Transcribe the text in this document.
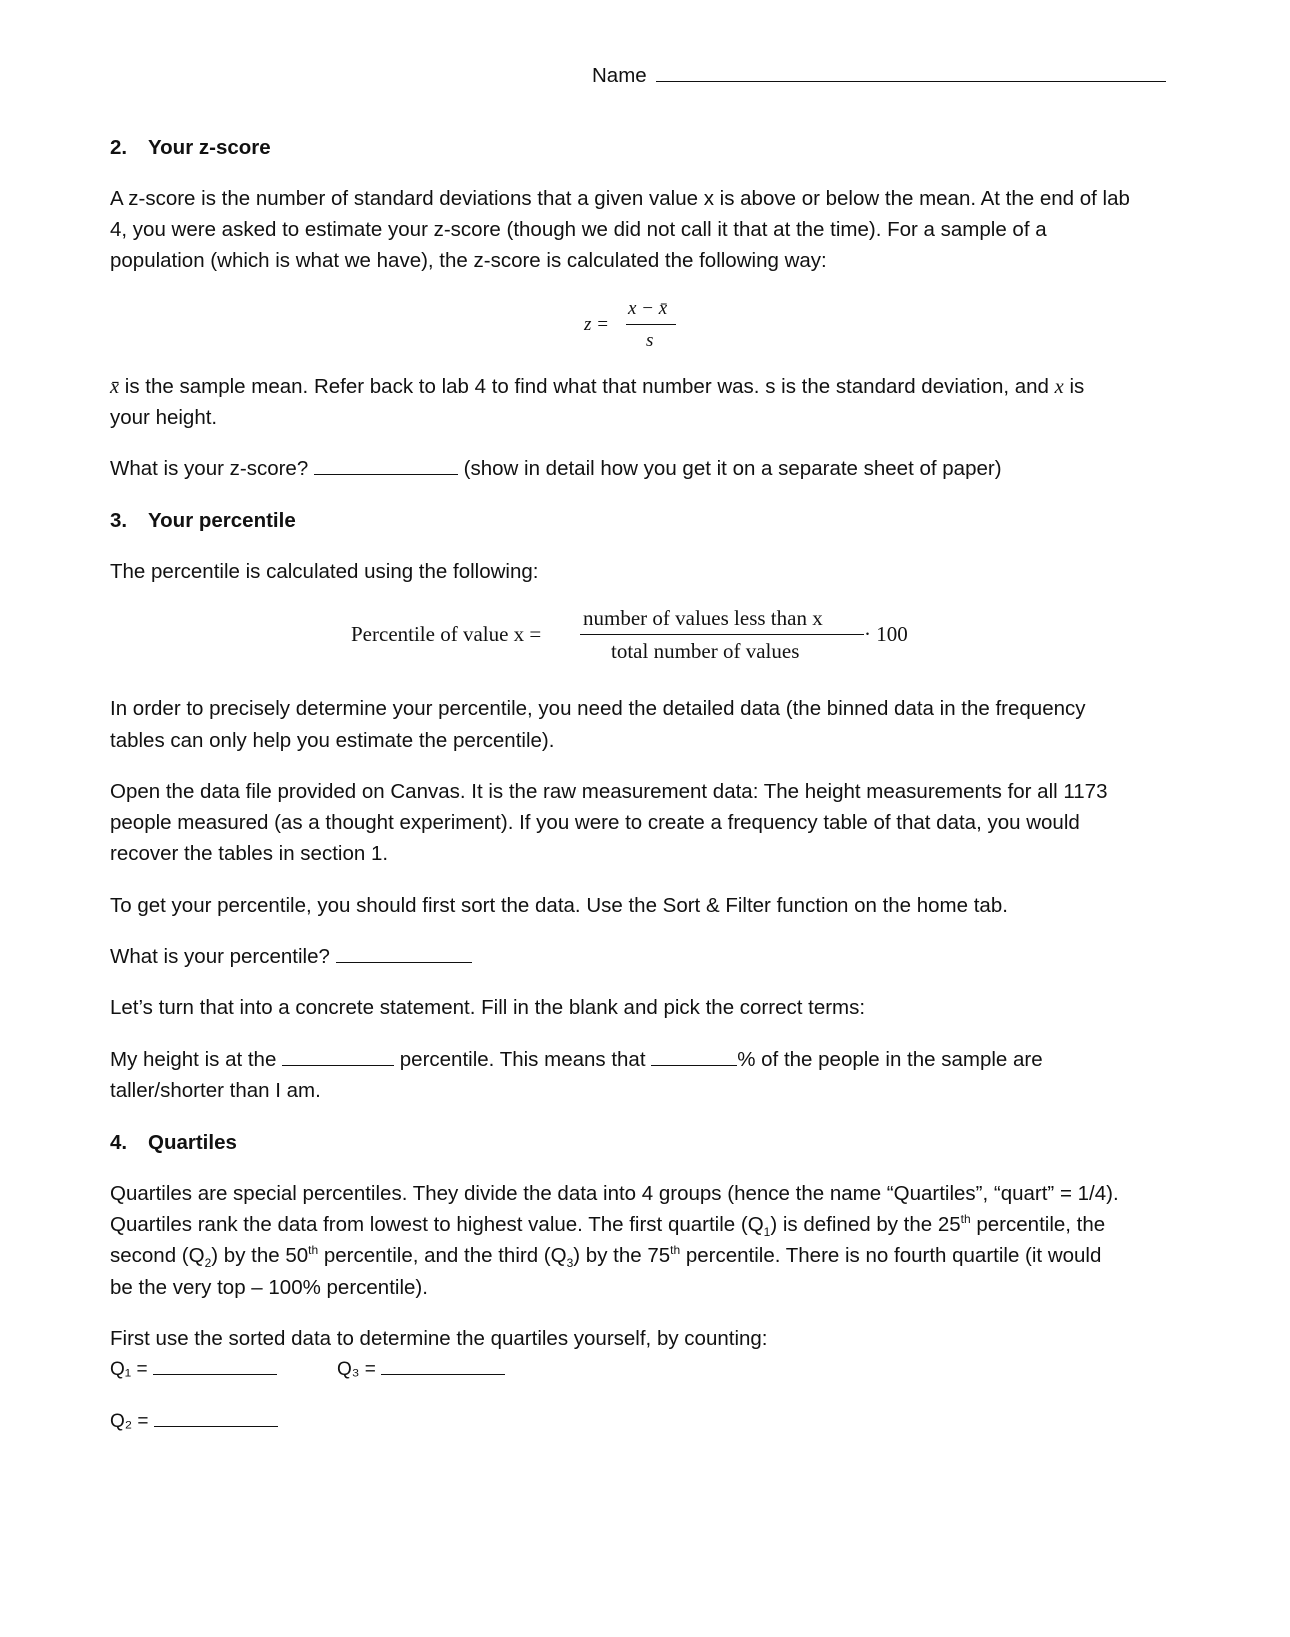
Name
2. Your z-score
A z-score is the number of standard deviations that a given value x is above or below the mean. At the end of lab
4, you were asked to estimate your z-score (though we did not call it that at the time). For a sample of a
population (which is what we have), the z-score is calculated the following way:
z =
x − x̄
s
x̄ is the sample mean. Refer back to lab 4 to find what that number was. s is the standard deviation, and x is
your height.
What is your z-score?	(show in detail how you get it on a separate sheet of paper)
3. Your percentile
The percentile is calculated using the following:
Percentile of value x =
number of values less than x
total number of values
· 100
In order to precisely determine your percentile, you need the detailed data (the binned data in the frequency
tables can only help you estimate the percentile).
Open the data file provided on Canvas. It is the raw measurement data: The height measurements for all 1173
people measured (as a thought experiment). If you were to create a frequency table of that data, you would
recover the tables in section 1.
To get your percentile, you should first sort the data. Use the Sort & Filter function on the home tab.
What is your percentile?
Let’s turn that into a concrete statement. Fill in the blank and pick the correct terms:
My height is at the	percentile. This means that	% of the people in the sample are
taller/shorter than I am.
4. Quartiles
Quartiles are special percentiles. They divide the data into 4 groups (hence the name “Quartiles”, “quart” = 1/4).
Quartiles rank the data from lowest to highest value. The first quartile $(Q_1)$ is defined by the 25th percentile, the
second $(Q_2)$ by the 50th percentile, and the third $(Q_3)$ by the 75th percentile. There is no fourth quartile (it would
be the very top – 100% percentile).
First use the sorted data to determine the quartiles yourself, by counting:
Q₁ =	Q₃ =
Q₂ =
